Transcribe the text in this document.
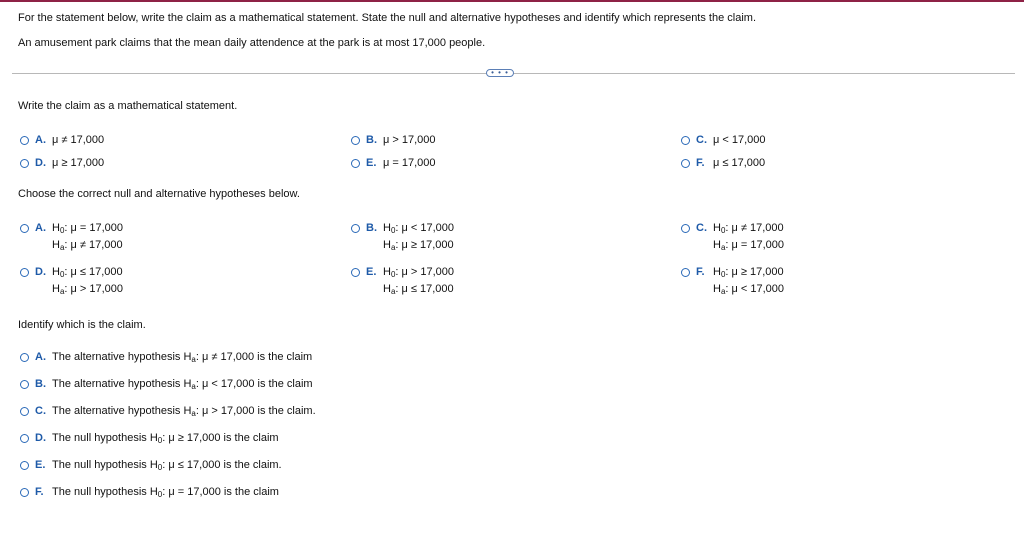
For the statement below, write the claim as a mathematical statement. State the null and alternative hypotheses and identify which represents the claim.
An amusement park claims that the mean daily attendence at the park is at most 17,000 people.
• • •
Write the claim as a mathematical statement.
A. μ ≠ 17,000	B. μ > 17,000	C. μ < 17,000
D. μ ≥ 17,000	E. μ = 17,000	F. μ ≤ 17,000
Choose the correct null and alternative hypotheses below.
A. $H_0$: μ = 17,000
$H_a$: μ ≠ 17,000
B. $H_0$: μ < 17,000
$H_a$: μ ≥ 17,000
C. $H_0$: μ ≠ 17,000
$H_a$: μ = 17,000
D. $H_0$: μ ≤ 17,000
$H_a$: μ > 17,000
E. $H_0$: μ > 17,000
$H_a$: μ ≤ 17,000
F. $H_0$: μ ≥ 17,000
$H_a$: μ < 17,000
Identify which is the claim.
A. The alternative hypothesis $H_a$: μ ≠ 17,000 is the claim
B. The alternative hypothesis $H_a$: μ < 17,000 is the claim
C. The alternative hypothesis $H_a$: μ > 17,000 is the claim.
D. The null hypothesis $H_0$: μ ≥ 17,000 is the claim
E. The null hypothesis $H_0$: μ ≤ 17,000 is the claim.
F. The null hypothesis $H_0$: μ = 17,000 is the claim
